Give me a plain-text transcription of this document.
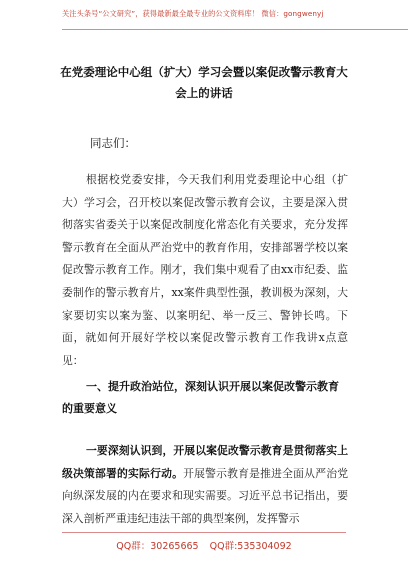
关注头条号“公文研究”，获得最新最全最专业的公文资料库！ 微信：gongwenyj
在党委理论中心组（扩大）学习会暨以案促改警示教育大
会上的讲话
同志们：
根据校党委安排，今天我们利用党委理论中心组（扩大）学习会，召开校以案促改警示教育会议，主要是深入贯彻落实省委关于以案促改制度化常态化有关要求，充分发挥警示教育在全面从严治党中的教育作用，安排部署学校以案促改警示教育工作。刚才，我们集中观看了由xx市纪委、监委制作的警示教育片，xx案件典型性强，教训极为深刻，大家要切实以案为鉴、以案明纪、举一反三、警钟长鸣。下面，就如何开展好学校以案促改警示教育工作我讲x点意见：
一、提升政治站位，深刻认识开展以案促改警示教育的重要意义
一要深刻认识到，开展以案促改警示教育是贯彻落实上级决策部署的实际行动。开展警示教育是推进全面从严治党向纵深发展的内在要求和现实需要。习近平总书记指出，要深入剖析严重违纪违法干部的典型案例，发挥警示
QQ群：30265665 QQ群:535304092
